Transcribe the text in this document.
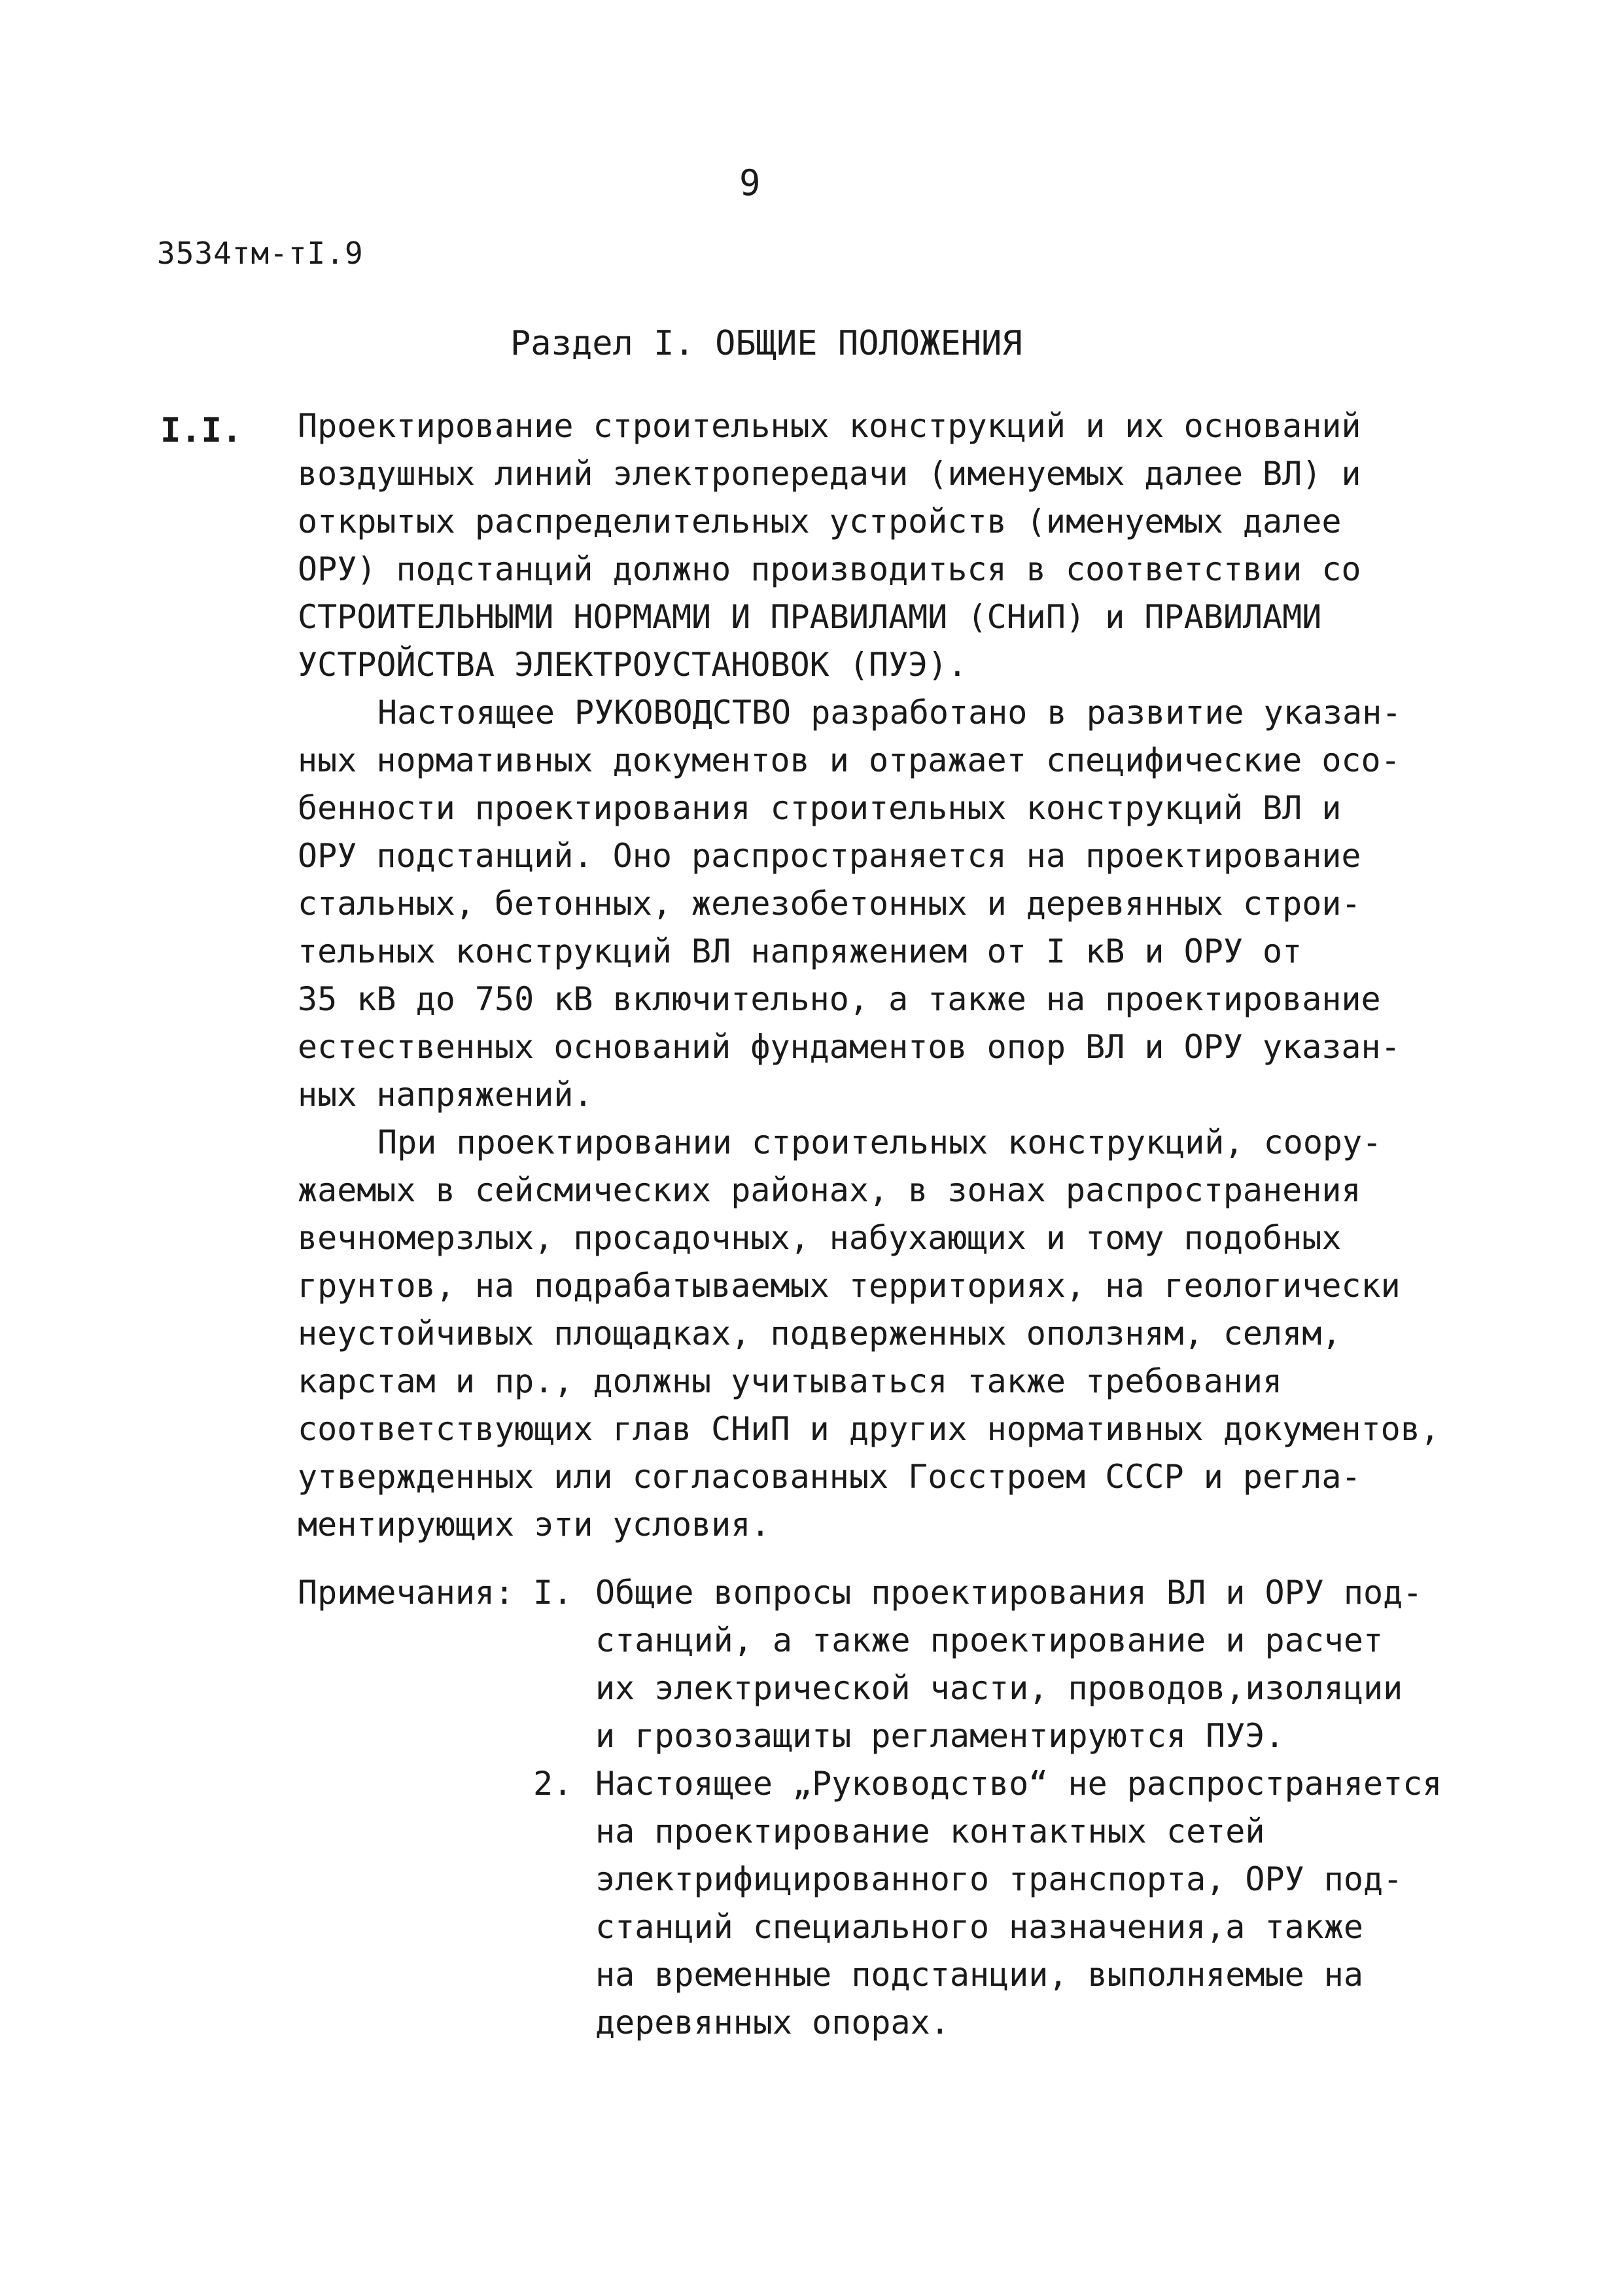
9
3534тм-тI.9
Раздел I. ОБЩИЕ ПОЛОЖЕНИЯ
I.I. Проектирование строительных конструкций и их оснований
воздушных линий электропередачи (именуемых далее ВЛ) и
открытых распределительных устройств (именуемых далее
ОРУ) подстанций должно производиться в соответствии со
СТРОИТЕЛЬНЫМИ НОРМАМИ И ПРАВИЛАМИ (СНиП) и ПРАВИЛАМИ
УСТРОЙСТВА ЭЛЕКТРОУСТАНОВОК (ПУЭ).
Настоящее РУКОВОДСТВО разработано в развитие указан-
ных нормативных документов и отражает специфические осо-
бенности проектирования строительных конструкций ВЛ и
ОРУ подстанций. Оно распространяется на проектирование
стальных, бетонных, железобетонных и деревянных строи-
тельных конструкций ВЛ напряжением от I кВ и ОРУ от
35 кВ до 750 кВ включительно, а также на проектирование
естественных оснований фундаментов опор ВЛ и ОРУ указан-
ных напряжений.
При проектировании строительных конструкций, соору-
жаемых в сейсмических районах, в зонах распространения
вечномерзлых, просадочных, набухающих и тому подобных
грунтов, на подрабатываемых территориях, на геологически
неустойчивых площадках, подверженных оползням, селям,
карстам и пр., должны учитываться также требования
соответствующих глав СНиП и других нормативных документов,
утвержденных или согласованных Госстроем СССР и регла-
ментирующих эти условия.
Примечания: I. Общие вопросы проектирования ВЛ и ОРУ под-
станций, а также проектирование и расчет
их электрической части, проводов,изоляции
и грозозащиты регламентируются ПУЭ.
2. Настоящее „Руководство“ не распространяется
на проектирование контактных сетей
электрифицированного транспорта, ОРУ под-
станций специального назначения,а также
на временные подстанции, выполняемые на
деревянных опорах.
